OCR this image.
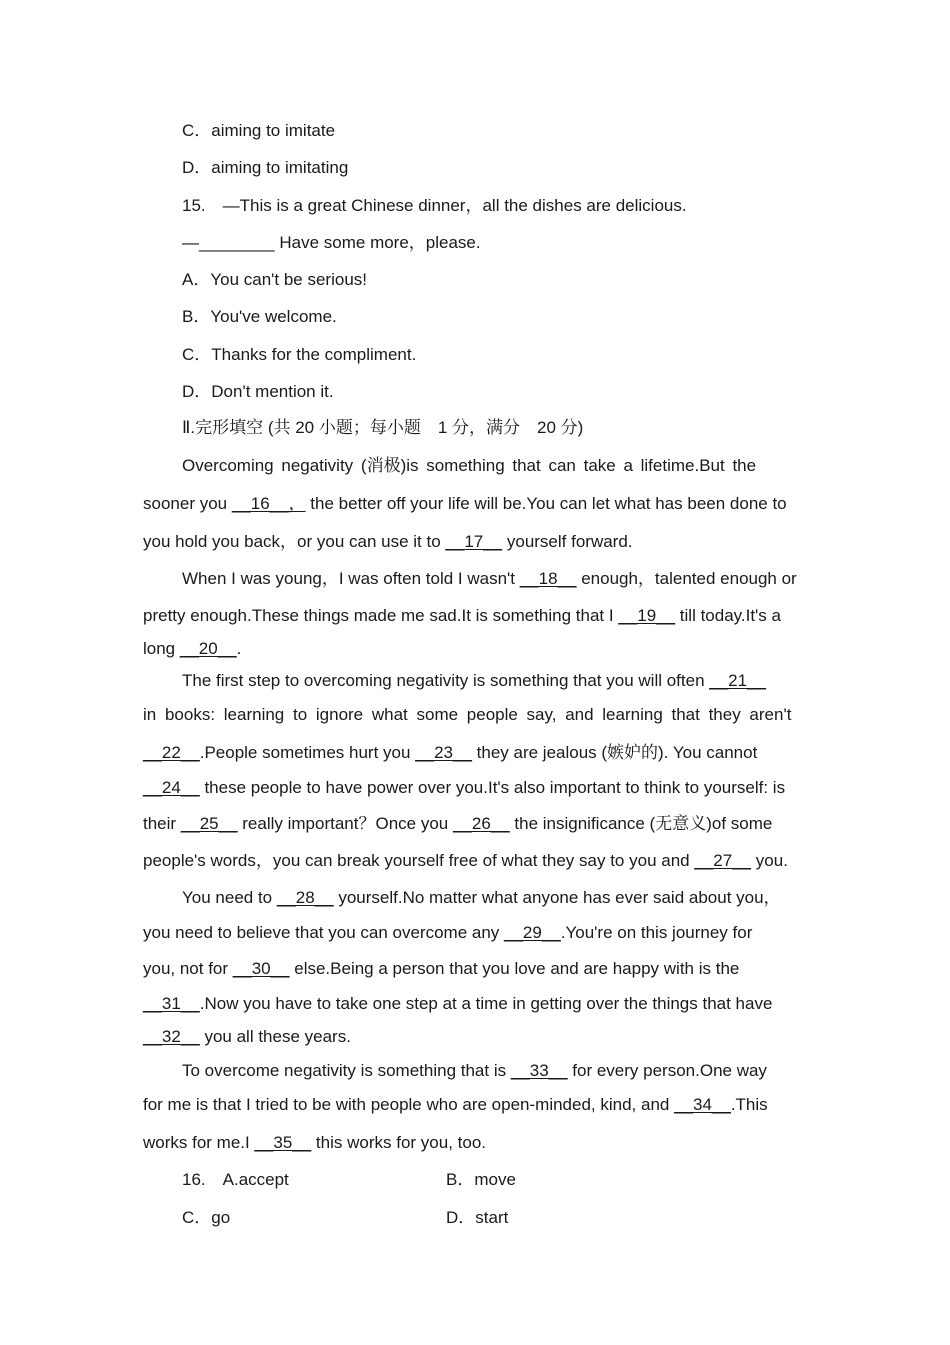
C．aiming to imitate
D．aiming to imitating
15.　—This is a great Chinese dinner，all the dishes are delicious.
—________ Have some more，please.
A．You can't be serious!
B．You've welcome.
C．Thanks for the compliment.
D．Don't mention it.
Ⅱ.完形填空 (共 20 小题；每小题　1 分，满分　20 分)
Overcoming negativity (消极)is something that can take a lifetime.But the
sooner you __16__， the better off your life will be.You can let what has been done to
you hold you back，or you can use it to __17__ yourself forward.
When I was young，I was often told I wasn't __18__ enough，talented enough or
pretty enough.These things made me sad.It is something that I __19__ till today.It's a
long __20__.
The first step to overcoming negativity is something that you will often __21__
in books: learning to ignore what some people say, and learning that they aren't
__22__.People sometimes hurt you __23__ they are jealous (嫉妒的). You cannot
__24__ these people to have power over you.It's also important to think to yourself: is
their __25__ really important？Once you __26__ the insignificance (无意义)of some
people's words，you can break yourself free of what they say to you and __27__ you.
You need to __28__ yourself.No matter what anyone has ever said about you，
you need to believe that you can overcome any __29__.You're on this journey for
you, not for __30__ else.Being a person that you love and are happy with is the
__31__.Now you have to take one step at a time in getting over the things that have
__32__ you all these years.
To overcome negativity is something that is __33__ for every person.One way
for me is that I tried to be with people who are open-minded, kind, and __34__.This
works for me.I __35__ this works for you, too.
16.　A.accept	B．move
C．go	D．start
